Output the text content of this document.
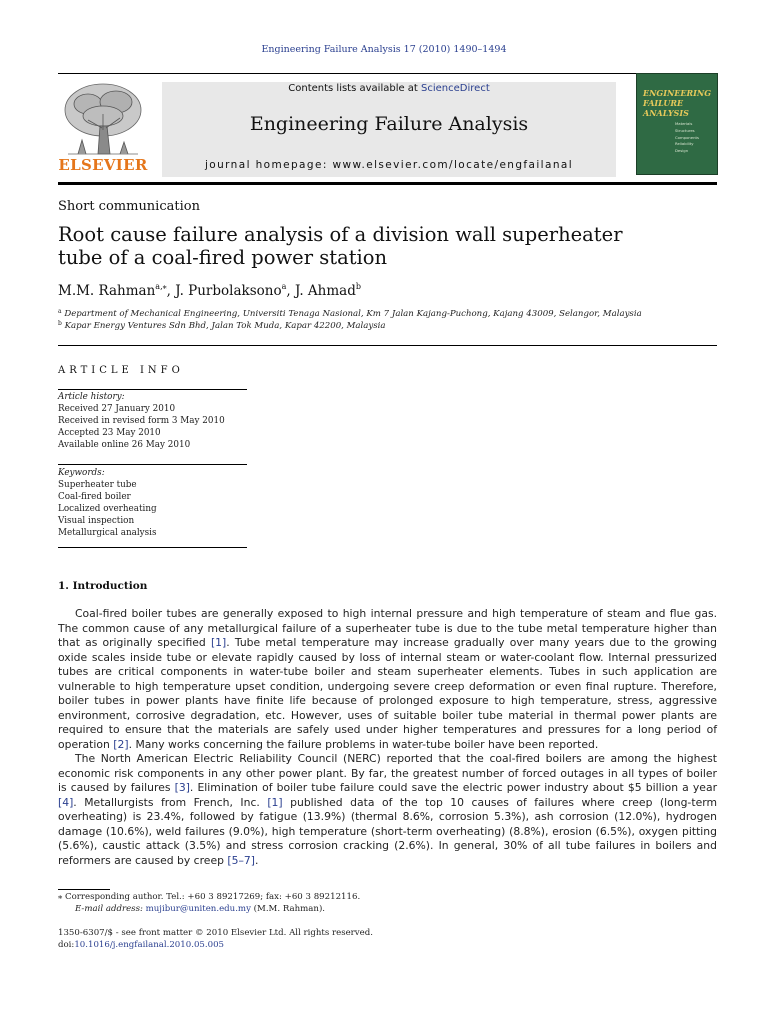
Engineering Failure Analysis 17 (2010) 1490–1494
ELSEVIER
Contents lists available at ScienceDirect
Engineering Failure Analysis
journal homepage: www.elsevier.com/locate/engfailanal
ENGINEERING
FAILURE
ANALYSIS
Materials
Structures
Components
Reliability
Design
Short communication
Root cause failure analysis of a division wall superheater tube of a coal-fired power station
M.M. Rahman$^{a,⁎}$, J. Purbolaksono$^a$, J. Ahmad$^b$
$^a$ Department of Mechanical Engineering, Universiti Tenaga Nasional, Km 7 Jalan Kajang-Puchong, Kajang 43009, Selangor, Malaysia
$^b$ Kapar Energy Ventures Sdn Bhd, Jalan Tok Muda, Kapar 42200, Malaysia
ARTICLE INFO
Article history:
Received 27 January 2010
Received in revised form 3 May 2010
Accepted 23 May 2010
Available online 26 May 2010
Keywords:
Superheater tube
Coal-fired boiler
Localized overheating
Visual inspection
Metallurgical analysis
1. Introduction

Coal-fired boiler tubes are generally exposed to high internal pressure and high temperature of steam and flue gas. The common cause of any metallurgical failure of a superheater tube is due to the tube metal temperature higher than that as originally specified [1]. Tube metal temperature may increase gradually over many years due to the growing oxide scales inside tube or elevate rapidly caused by loss of internal steam or water-coolant flow. Internal pressurized tubes are critical components in water-tube boiler and steam superheater elements. Tubes in such application are vulnerable to high temperature upset condition, undergoing severe creep deformation or even final rupture. Therefore, boiler tubes in power plants have finite life because of prolonged exposure to high temperature, stress, aggressive environment, corrosive degradation, etc. However, uses of suitable boiler tube material in thermal power plants are required to ensure that the materials are safely used under higher temperatures and pressures for a long period of operation [2]. Many works concerning the failure problems in water-tube boiler have been reported.

The North American Electric Reliability Council (NERC) reported that the coal-fired boilers are among the highest economic risk components in any other power plant. By far, the greatest number of forced outages in all types of boiler is caused by failures [3]. Elimination of boiler tube failure could save the electric power industry about $5 billion a year [4]. Metallurgists from French, Inc. [1] published data of the top 10 causes of failures where creep (long-term overheating) is 23.4%, followed by fatigue (13.9%) (thermal 8.6%, corrosion 5.3%), ash corrosion (12.0%), hydrogen damage (10.6%), weld failures (9.0%), high temperature (short-term overheating) (8.8%), erosion (6.5%), oxygen pitting (5.6%), caustic attack (3.5%) and stress corrosion cracking (2.6%). In general, 30% of all tube failures in boilers and reformers are caused by creep [5–7].

⁎ Corresponding author. Tel.: +60 3 89217269; fax: +60 3 89212116.
E-mail address: mujibur@uniten.edu.my (M.M. Rahman).
1350-6307/$ - see front matter © 2010 Elsevier Ltd. All rights reserved.
doi:10.1016/j.engfailanal.2010.05.005
